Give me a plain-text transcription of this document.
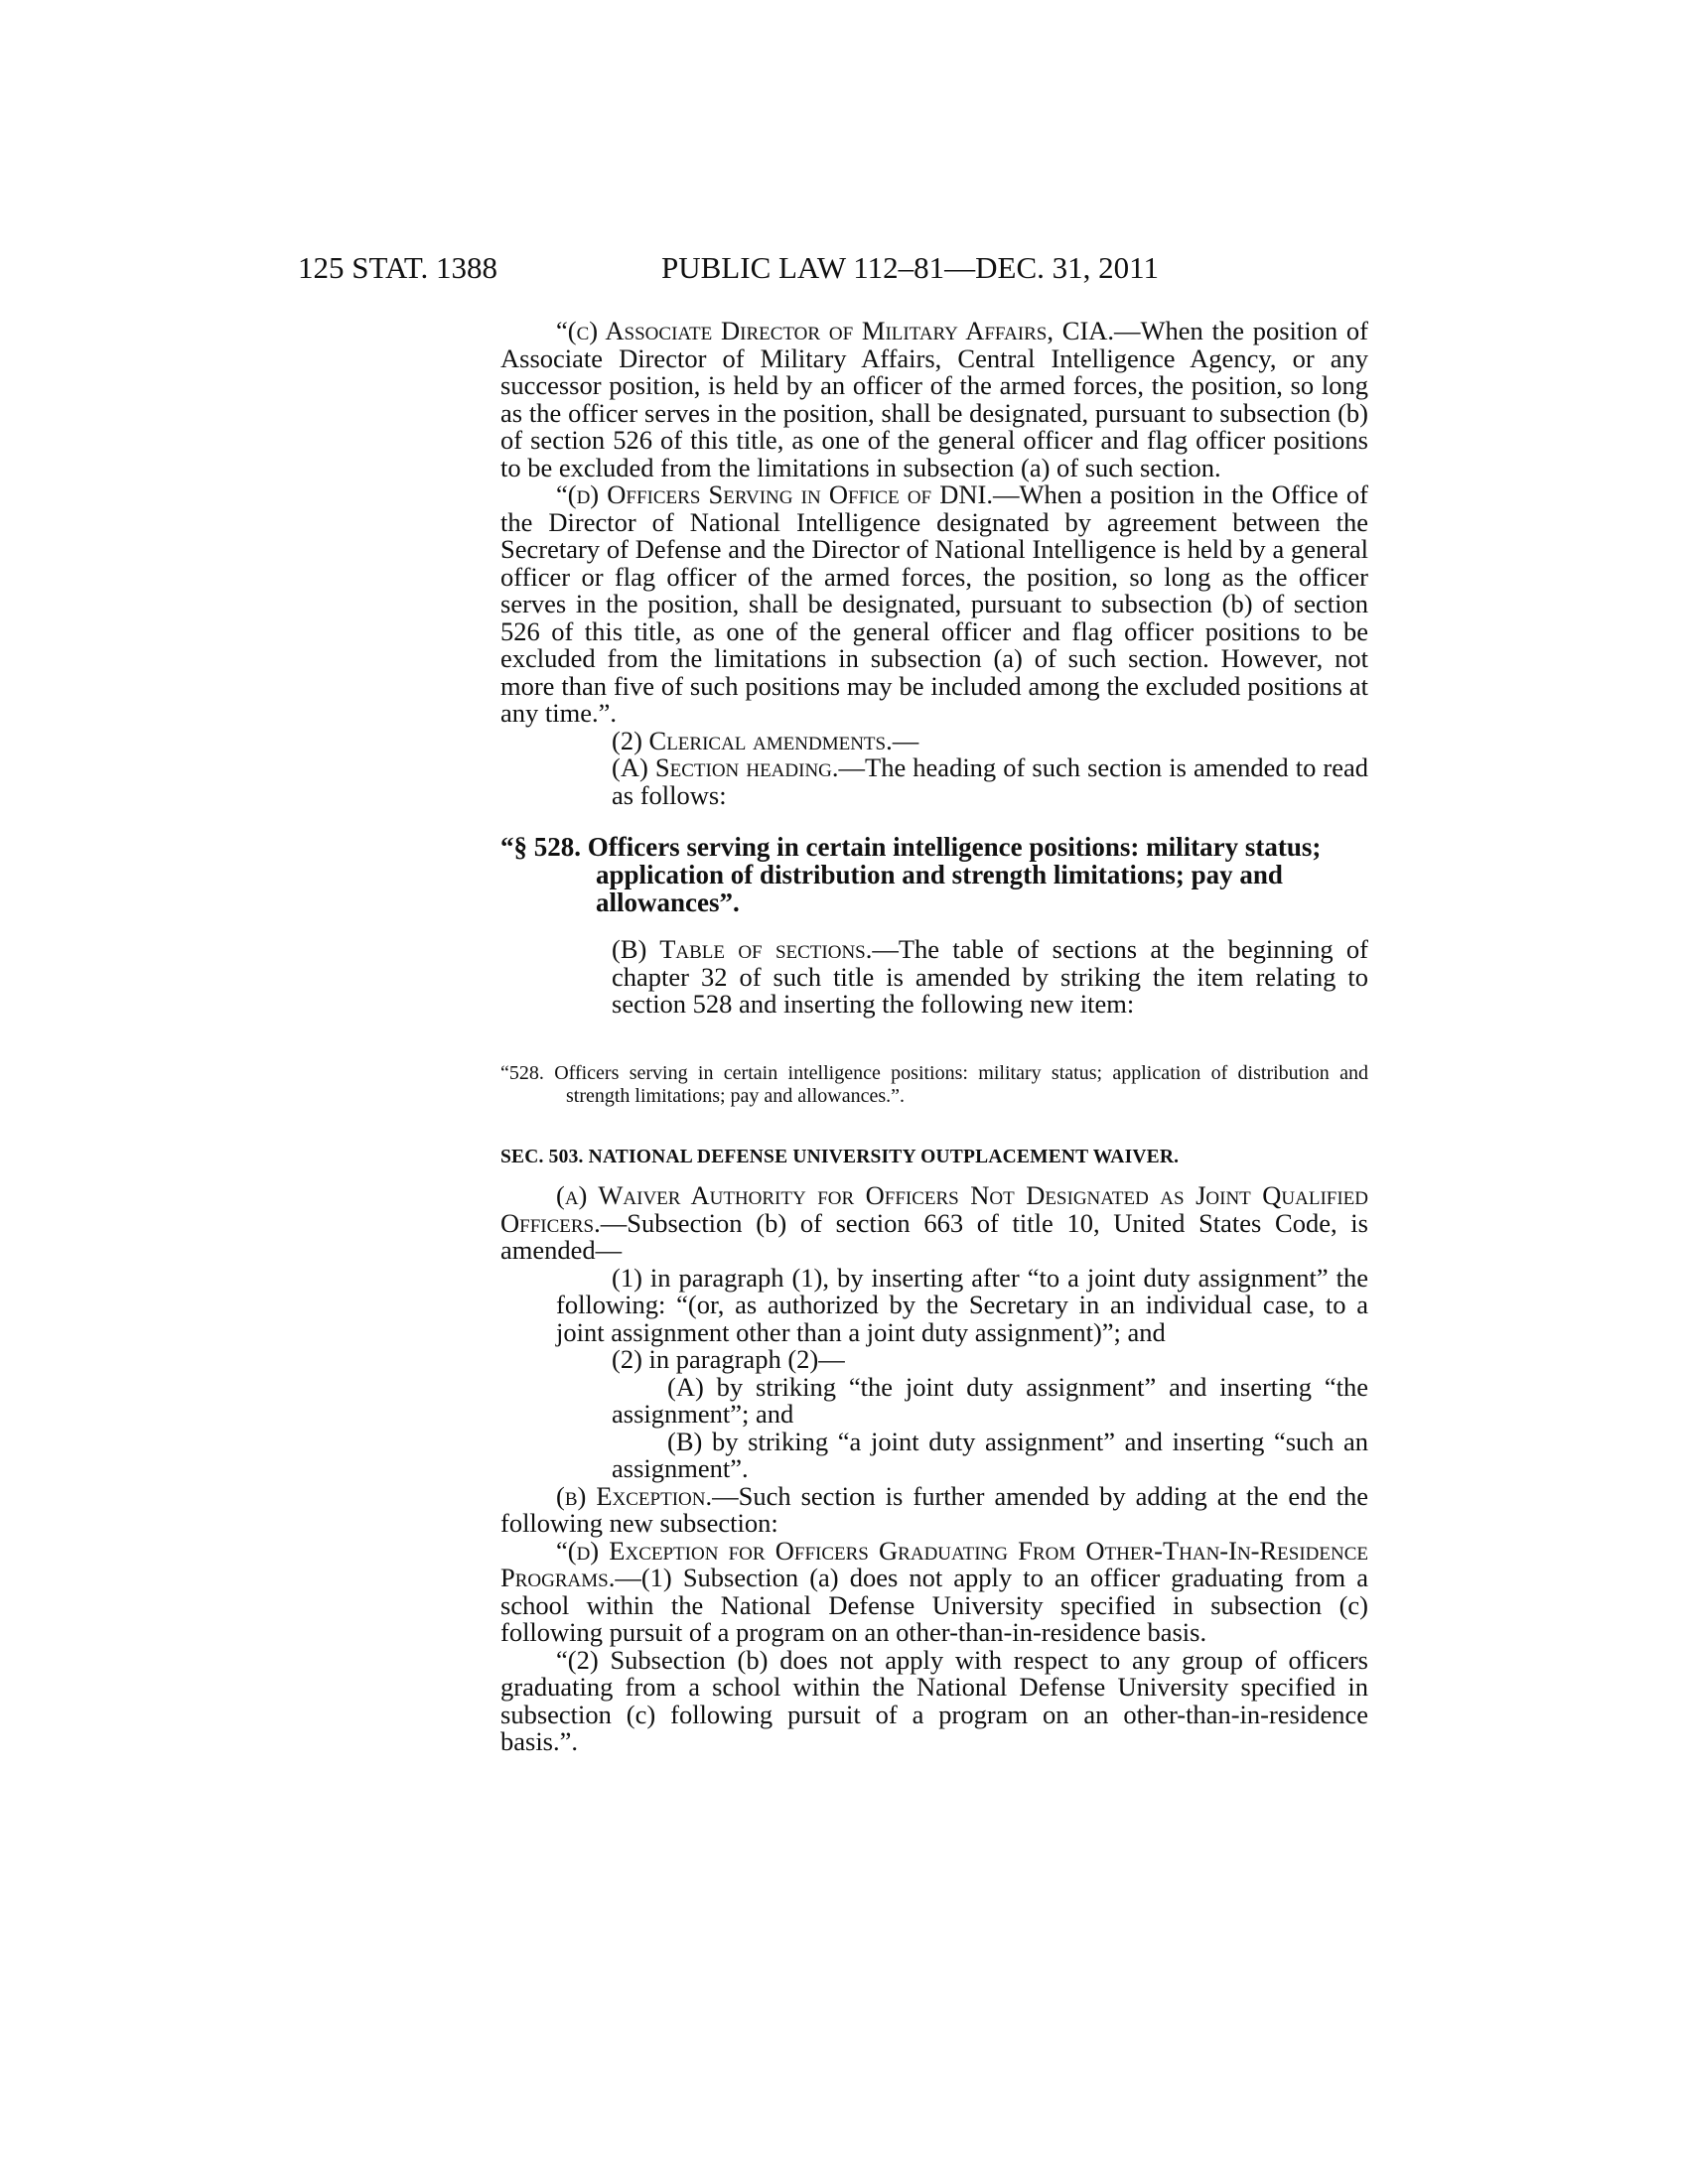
125 STAT. 1388	PUBLIC LAW 112–81—DEC. 31, 2011

“(c) Associate Director of Military Affairs, CIA.—When the position of Associate Director of Military Affairs, Central Intelligence Agency, or any successor position, is held by an officer of the armed forces, the position, so long as the officer serves in the position, shall be designated, pursuant to subsection (b) of section 526 of this title, as one of the general officer and flag officer positions to be excluded from the limitations in subsection (a) of such section.

“(d) Officers Serving in Office of DNI.—When a position in the Office of the Director of National Intelligence designated by agreement between the Secretary of Defense and the Director of National Intelligence is held by a general officer or flag officer of the armed forces, the position, so long as the officer serves in the position, shall be designated, pursuant to subsection (b) of section 526 of this title, as one of the general officer and flag officer positions to be excluded from the limitations in subsection (a) of such section. However, not more than five of such positions may be included among the excluded positions at any time.”.

(2) Clerical amendments.—

(A) Section heading.—The heading of such section is amended to read as follows:

“§ 528. Officers serving in certain intelligence positions: military status; application of distribution and strength limitations; pay and allowances”.

(B) Table of sections.—The table of sections at the beginning of chapter 32 of such title is amended by striking the item relating to section 528 and inserting the following new item:

“528. Officers serving in certain intelligence positions: military status; application of distribution and strength limitations; pay and allowances.”.

SEC. 503. NATIONAL DEFENSE UNIVERSITY OUTPLACEMENT WAIVER.

(a) Waiver Authority for Officers Not Designated as Joint Qualified Officers.—Subsection (b) of section 663 of title 10, United States Code, is amended—

(1) in paragraph (1), by inserting after “to a joint duty assignment” the following: “(or, as authorized by the Secretary in an individual case, to a joint assignment other than a joint duty assignment)”; and

(2) in paragraph (2)—

(A) by striking “the joint duty assignment” and inserting “the assignment”; and

(B) by striking “a joint duty assignment” and inserting “such an assignment”.

(b) Exception.—Such section is further amended by adding at the end the following new subsection:

“(d) Exception for Officers Graduating From Other-Than-In-Residence Programs.—(1) Subsection (a) does not apply to an officer graduating from a school within the National Defense University specified in subsection (c) following pursuit of a program on an other-than-in-residence basis.

“(2) Subsection (b) does not apply with respect to any group of officers graduating from a school within the National Defense University specified in subsection (c) following pursuit of a program on an other-than-in-residence basis.”.
